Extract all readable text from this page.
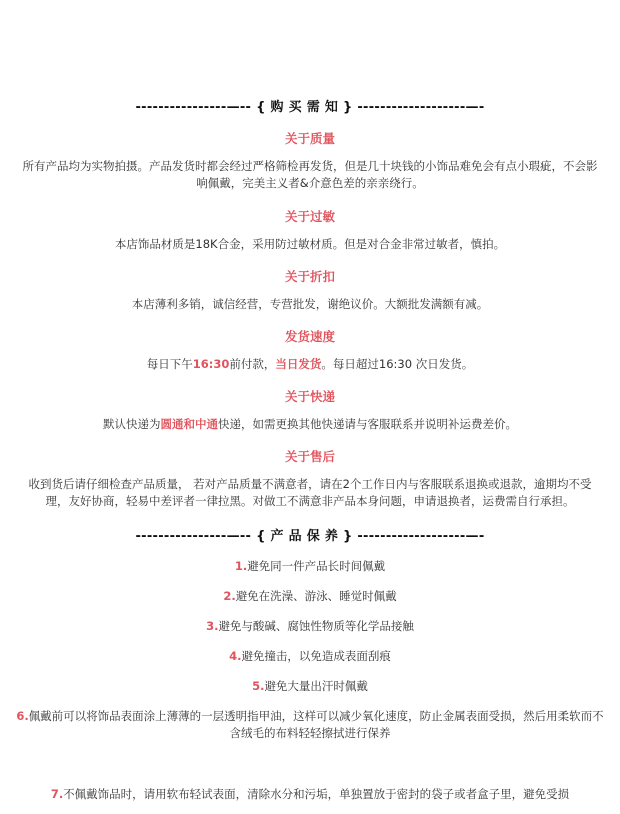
----------------—-- { 购 买 需 知 } -------------------—-
关于质量
所有产品均为实物拍摄。产品发货时都会经过严格筛检再发货，但是几十块钱的小饰品难免会有点小瑕疵，不会影
响佩戴，完美主义者&介意色差的亲亲绕行。
关于过敏
本店饰品材质是18K合金，采用防过敏材质。但是对合金非常过敏者，慎拍。
关于折扣
本店薄利多销，诚信经营，专营批发，谢绝议价。大额批发满额有减。
发货速度
每日下午16:30前付款，当日发货。每日超过16:30 次日发货。
关于快递
默认快递为圆通和中通快递，如需更换其他快递请与客服联系并说明补运费差价。
关于售后
收到货后请仔细检查产品质量， 若对产品质量不满意者，请在2个工作日内与客服联系退换或退款，逾期均不受
理，友好协商，轻易中差评者一律拉黑。对做工不满意非产品本身问题，申请退换者，运费需自行承担。
----------------—-- { 产 品 保 养 } -------------------—-
1.避免同一件产品长时间佩戴
2.避免在洗澡、游泳、睡觉时佩戴
3.避免与酸碱、腐蚀性物质等化学品接触
4.避免撞击，以免造成表面刮痕
5.避免大量出汗时佩戴
6.佩戴前可以将饰品表面涂上薄薄的一层透明指甲油，这样可以减少氧化速度，防止金属表面受损，然后用柔软而不
含绒毛的布料轻轻擦拭进行保养
7.不佩戴饰品时，请用软布轻试表面，清除水分和污垢，单独置放于密封的袋子或者盒子里，避免受损
